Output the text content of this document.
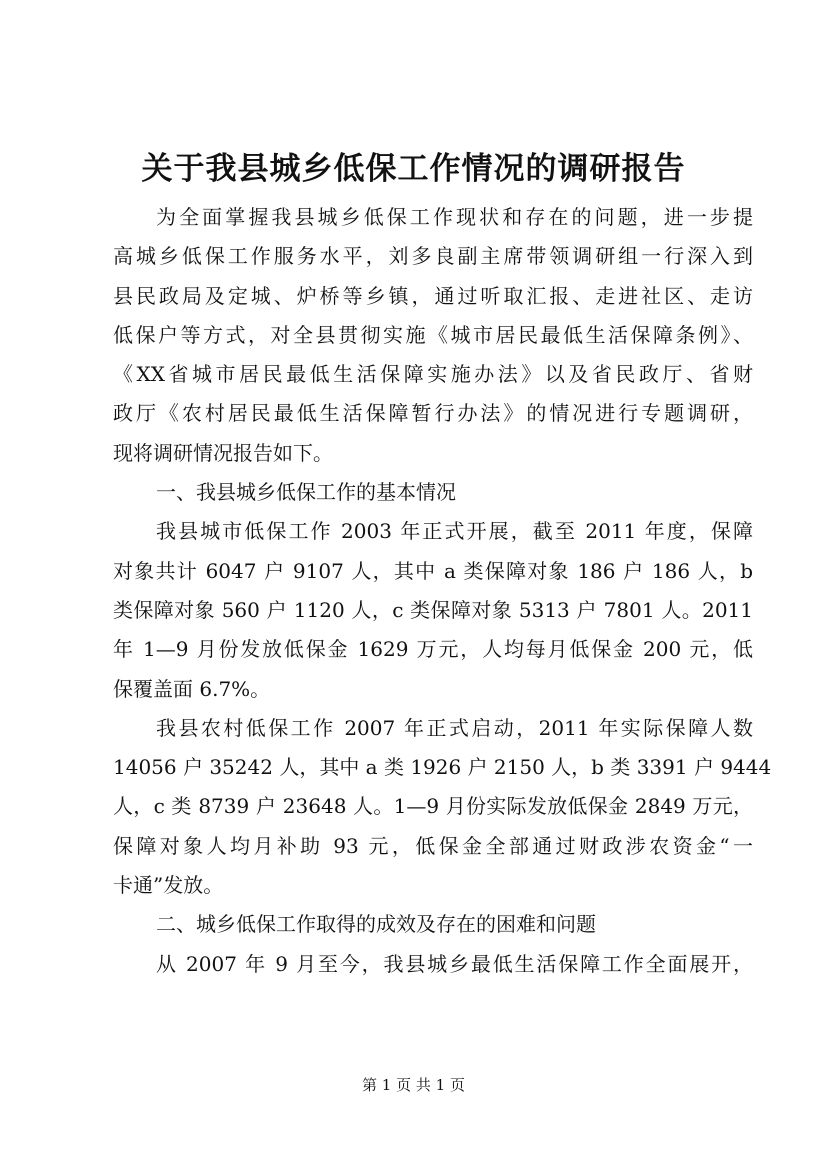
关于我县城乡低保工作情况的调研报告
为全面掌握我县城乡低保工作现状和存在的问题，进一步提
高城乡低保工作服务水平，刘多良副主席带领调研组一行深入到
县民政局及定城、炉桥等乡镇，通过听取汇报、走进社区、走访
低保户等方式，对全县贯彻实施《城市居民最低生活保障条例》、
《XX省城市居民最低生活保障实施办法》以及省民政厅、省财
政厅《农村居民最低生活保障暂行办法》的情况进行专题调研，
现将调研情况报告如下。
一、我县城乡低保工作的基本情况
我县城市低保工作 2003 年正式开展，截至 2011 年度，保障
对象共计 6047 户 9107 人，其中 a 类保障对象 186 户 186 人，b
类保障对象 560 户 1120 人，c 类保障对象 5313 户 7801 人。2011
年 1—9 月份发放低保金 1629 万元，人均每月低保金 200 元，低
保覆盖面 6.7%。
我县农村低保工作 2007 年正式启动，2011 年实际保障人数
14056 户 35242 人，其中 a 类 1926 户 2150 人，b 类 3391 户 9444
人，c 类 8739 户 23648 人。1—9 月份实际发放低保金 2849 万元，
保障对象人均月补助 93 元，低保金全部通过财政涉农资金“一
卡通”发放。
二、城乡低保工作取得的成效及存在的困难和问题
从 2007 年 9 月至今，我县城乡最低生活保障工作全面展开，
第 1 页 共 1 页
